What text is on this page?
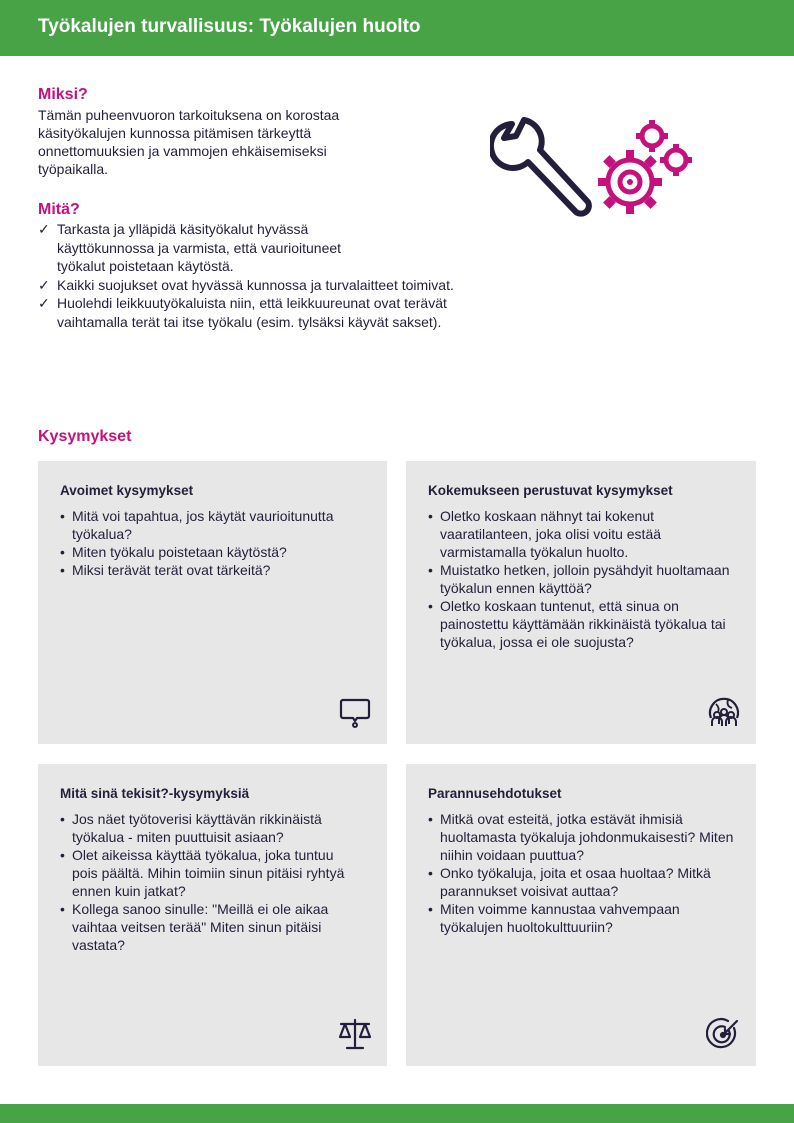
Työkalujen turvallisuus: Työkalujen huolto
Miksi?
Tämän puheenvuoron tarkoituksena on korostaa käsityökalujen kunnossa pitämisen tärkeyttä onnettomuuksien ja vammojen ehkäisemiseksi työpaikalla.
Mitä?
✓ Tarkasta ja ylläpidä käsityökalut hyvässä käyttökunnossa ja varmista, että vaurioituneet työkalut poistetaan käytöstä.
✓ Kaikki suojukset ovat hyvässä kunnossa ja turvalaitteet toimivat.
✓ Huolehdi leikkuutyökaluista niin, että leikkuureunat ovat terävät vaihtamalla terät tai itse työkalu (esim. tylsäksi käyvät sakset).
Kysymykset
Avoimet kysymykset
• Mitä voi tapahtua, jos käytät vaurioitunutta työkalua?
• Miten työkalu poistetaan käytöstä?
• Miksi terävät terät ovat tärkeitä?
Kokemukseen perustuvat kysymykset
• Oletko koskaan nähnyt tai kokenut vaaratilanteen, joka olisi voitu estää varmistamalla työkalun huolto.
• Muistatko hetken, jolloin pysähdyit huoltamaan työkalun ennen käyttöä?
• Oletko koskaan tuntenut, että sinua on painostettu käyttämään rikkinäistä työkalua tai työkalua, jossa ei ole suojusta?
Mitä sinä tekisit?-kysymyksiä
• Jos näet työtoverisi käyttävän rikkinäistä työkalua - miten puuttuisit asiaan?
• Olet aikeissa käyttää työkalua, joka tuntuu pois päältä. Mihin toimiin sinun pitäisi ryhtyä ennen kuin jatkat?
• Kollega sanoo sinulle: "Meillä ei ole aikaa vaihtaa veitsen terää" Miten sinun pitäisi vastata?
Parannusehdotukset
• Mitkä ovat esteitä, jotka estävät ihmisiä huoltamasta työkaluja johdonmukaisesti? Miten niihin voidaan puuttua?
• Onko työkaluja, joita et osaa huoltaa? Mitkä parannukset voisivat auttaa?
• Miten voimme kannustaa vahvempaan työkalujen huoltokulttuuriin?
